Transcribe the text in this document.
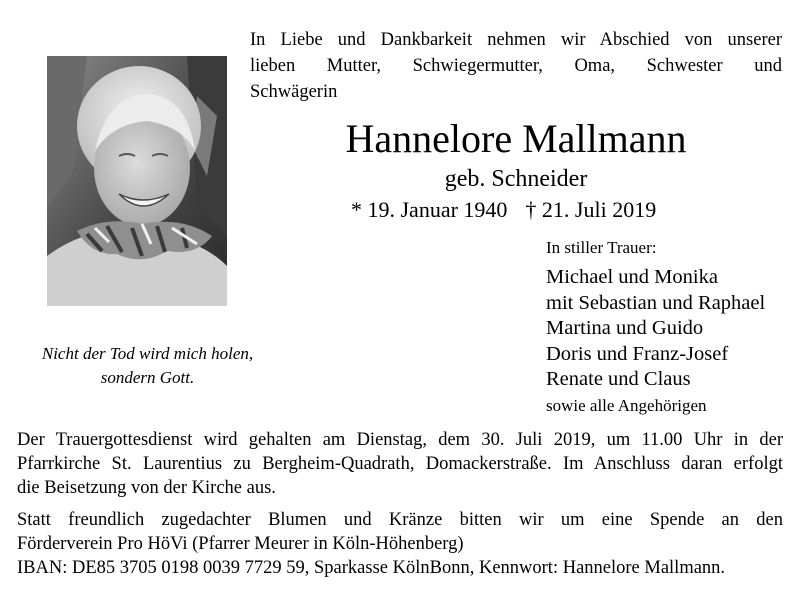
In Liebe und Dankbarkeit nehmen wir Abschied von unserer
lieben Mutter, Schwiegermutter, Oma, Schwester und
Schwägerin
Hannelore Mallmann
geb. Schneider
* 19. Januar 1940 † 21. Juli 2019
Nicht der Tod wird mich holen,
sondern Gott.
In stiller Trauer:
Michael und Monika
mit Sebastian und Raphael
Martina und Guido
Doris und Franz-Josef
Renate und Claus
sowie alle Angehörigen
Der Trauergottesdienst wird gehalten am Dienstag, dem 30. Juli 2019, um 11.00 Uhr in der
Pfarrkirche St. Laurentius zu Bergheim-Quadrath, Domackerstraße. Im Anschluss daran erfolgt
die Beisetzung von der Kirche aus.
Statt freundlich zugedachter Blumen und Kränze bitten wir um eine Spende an den
Förderverein Pro HöVi (Pfarrer Meurer in Köln-Höhenberg)
IBAN: DE85 3705 0198 0039 7729 59, Sparkasse KölnBonn, Kennwort: Hannelore Mallmann.
